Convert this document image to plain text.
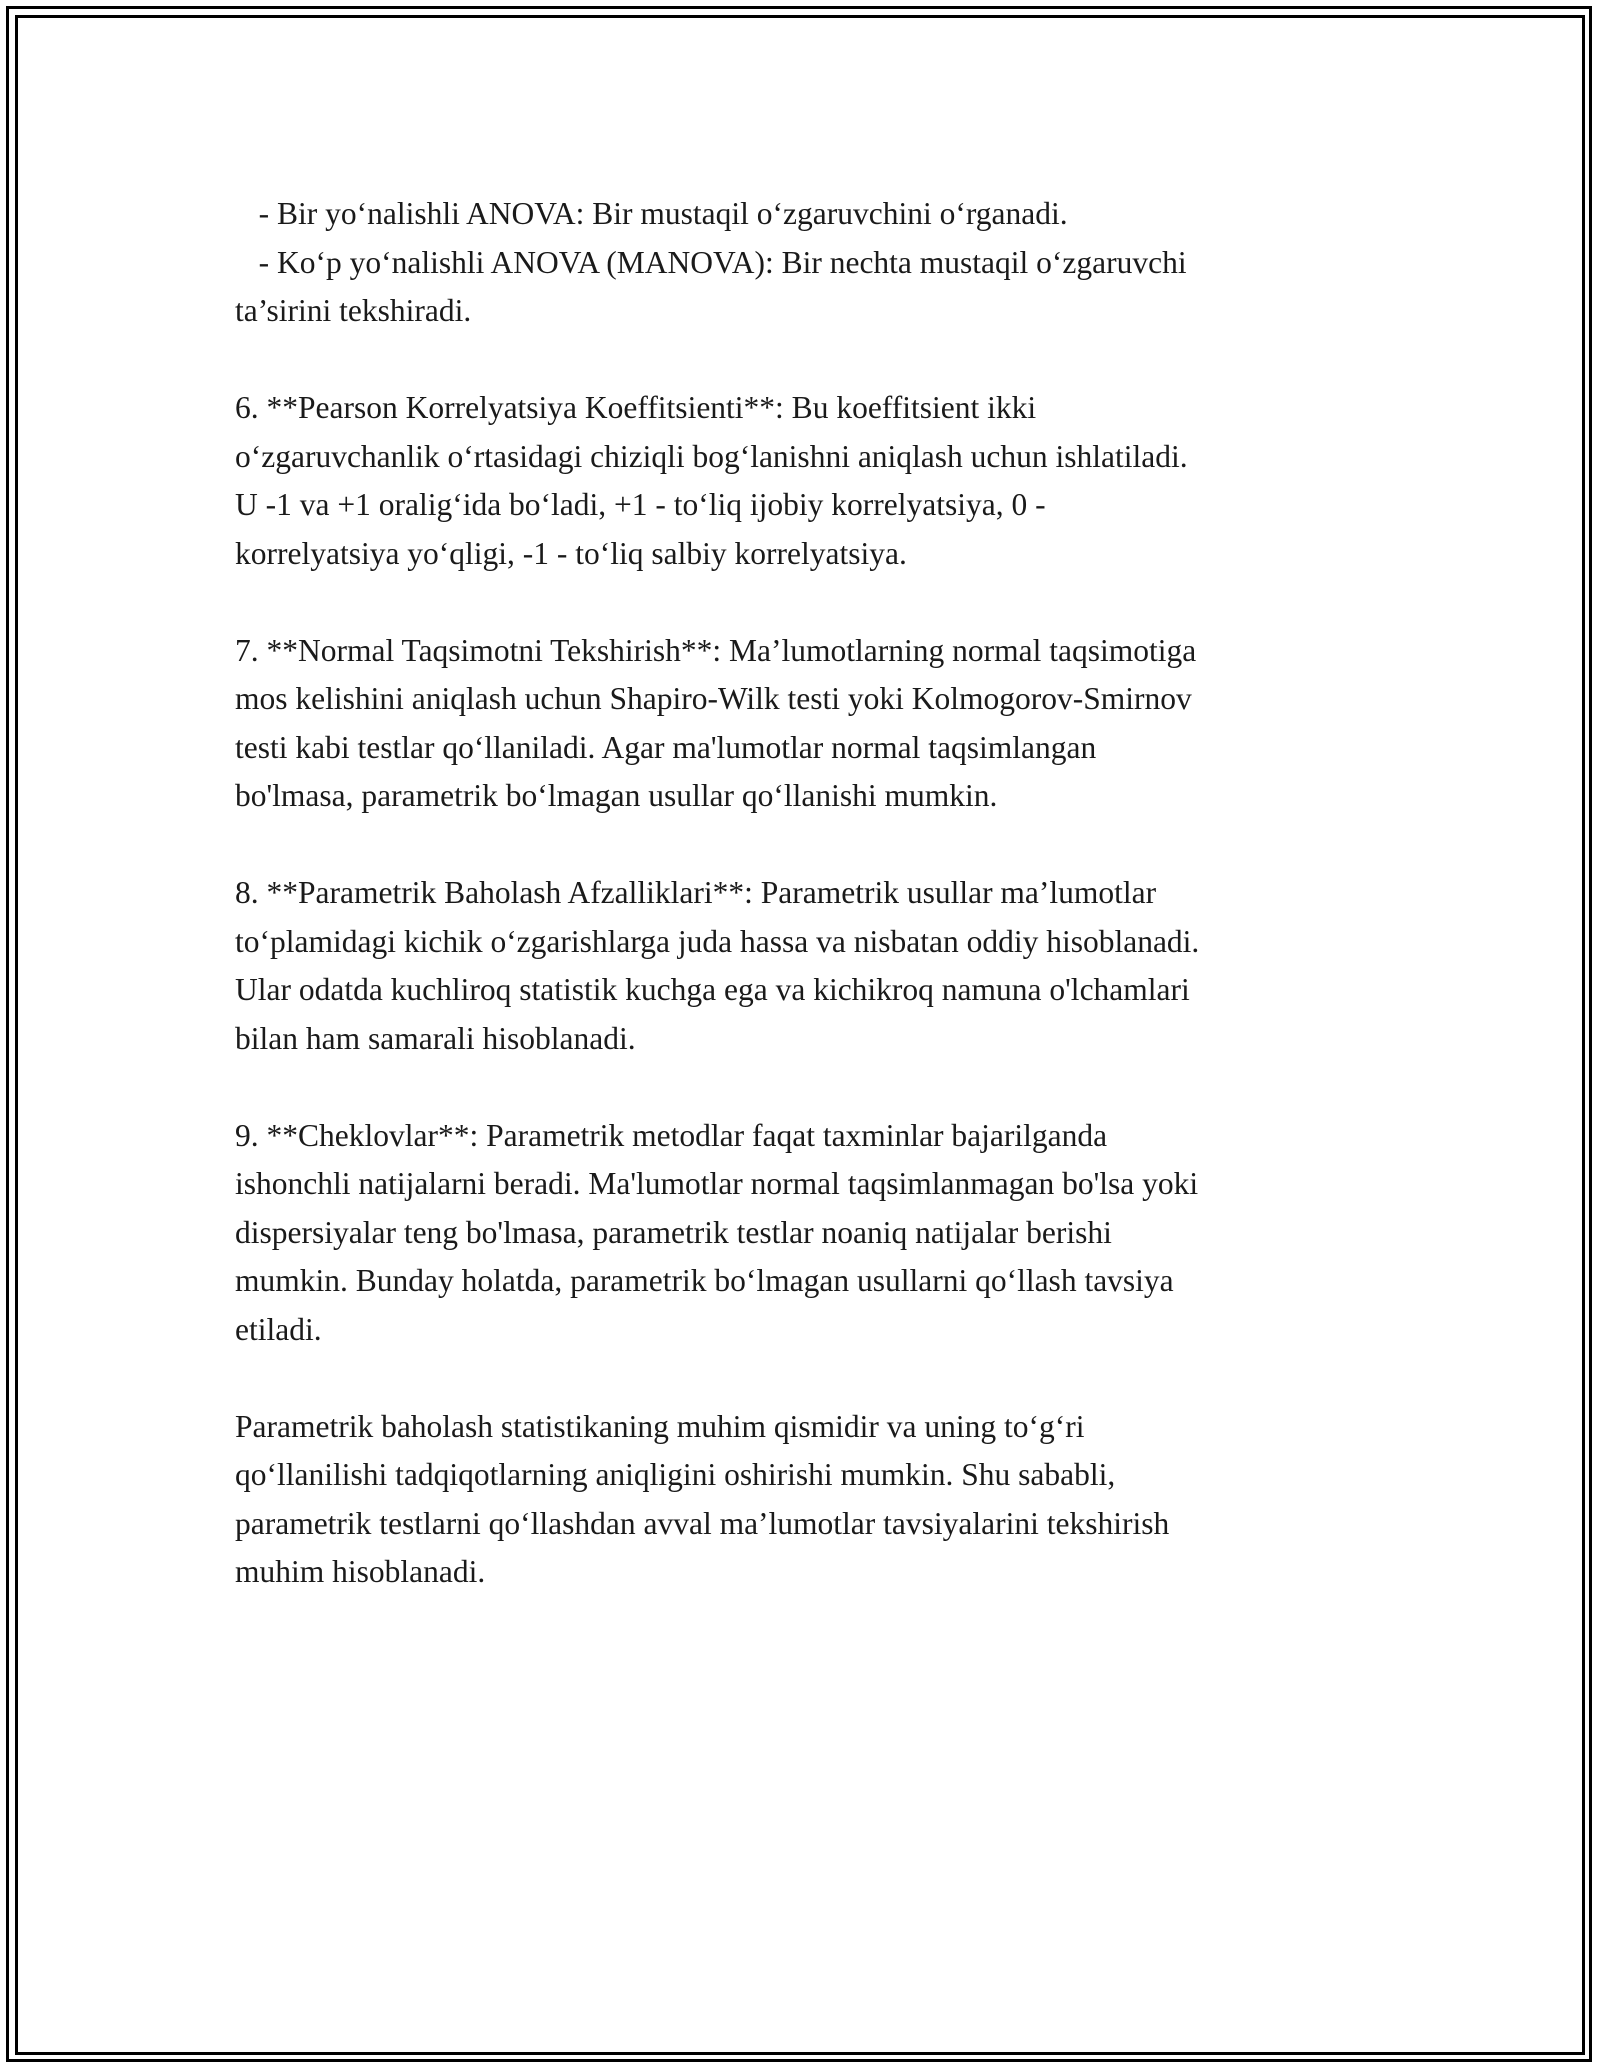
- Bir yo‘nalishli ANOVA: Bir mustaqil o‘zgaruvchini o‘rganadi.
- Ko‘p yo‘nalishli ANOVA (MANOVA): Bir nechta mustaqil o‘zgaruvchi
ta’sirini tekshiradi.
6. **Pearson Korrelyatsiya Koeffitsienti**: Bu koeffitsient ikki
o‘zgaruvchanlik o‘rtasidagi chiziqli bog‘lanishni aniqlash uchun ishlatiladi.
U -1 va +1 oralig‘ida bo‘ladi, +1 - to‘liq ijobiy korrelyatsiya, 0 -
korrelyatsiya yo‘qligi, -1 - to‘liq salbiy korrelyatsiya.
7. **Normal Taqsimotni Tekshirish**: Ma’lumotlarning normal taqsimotiga
mos kelishini aniqlash uchun Shapiro-Wilk testi yoki Kolmogorov-Smirnov
testi kabi testlar qo‘llaniladi. Agar ma'lumotlar normal taqsimlangan
bo'lmasa, parametrik bo‘lmagan usullar qo‘llanishi mumkin.
8. **Parametrik Baholash Afzalliklari**: Parametrik usullar ma’lumotlar
to‘plamidagi kichik o‘zgarishlarga juda hassa va nisbatan oddiy hisoblanadi.
Ular odatda kuchliroq statistik kuchga ega va kichikroq namuna o'lchamlari
bilan ham samarali hisoblanadi.
9. **Cheklovlar**: Parametrik metodlar faqat taxminlar bajarilganda
ishonchli natijalarni beradi. Ma'lumotlar normal taqsimlanmagan bo'lsa yoki
dispersiyalar teng bo'lmasa, parametrik testlar noaniq natijalar berishi
mumkin. Bunday holatda, parametrik bo‘lmagan usullarni qo‘llash tavsiya
etiladi.
Parametrik baholash statistikaning muhim qismidir va uning to‘g‘ri
qo‘llanilishi tadqiqotlarning aniqligini oshirishi mumkin. Shu sababli,
parametrik testlarni qo‘llashdan avval ma’lumotlar tavsiyalarini tekshirish
muhim hisoblanadi.
